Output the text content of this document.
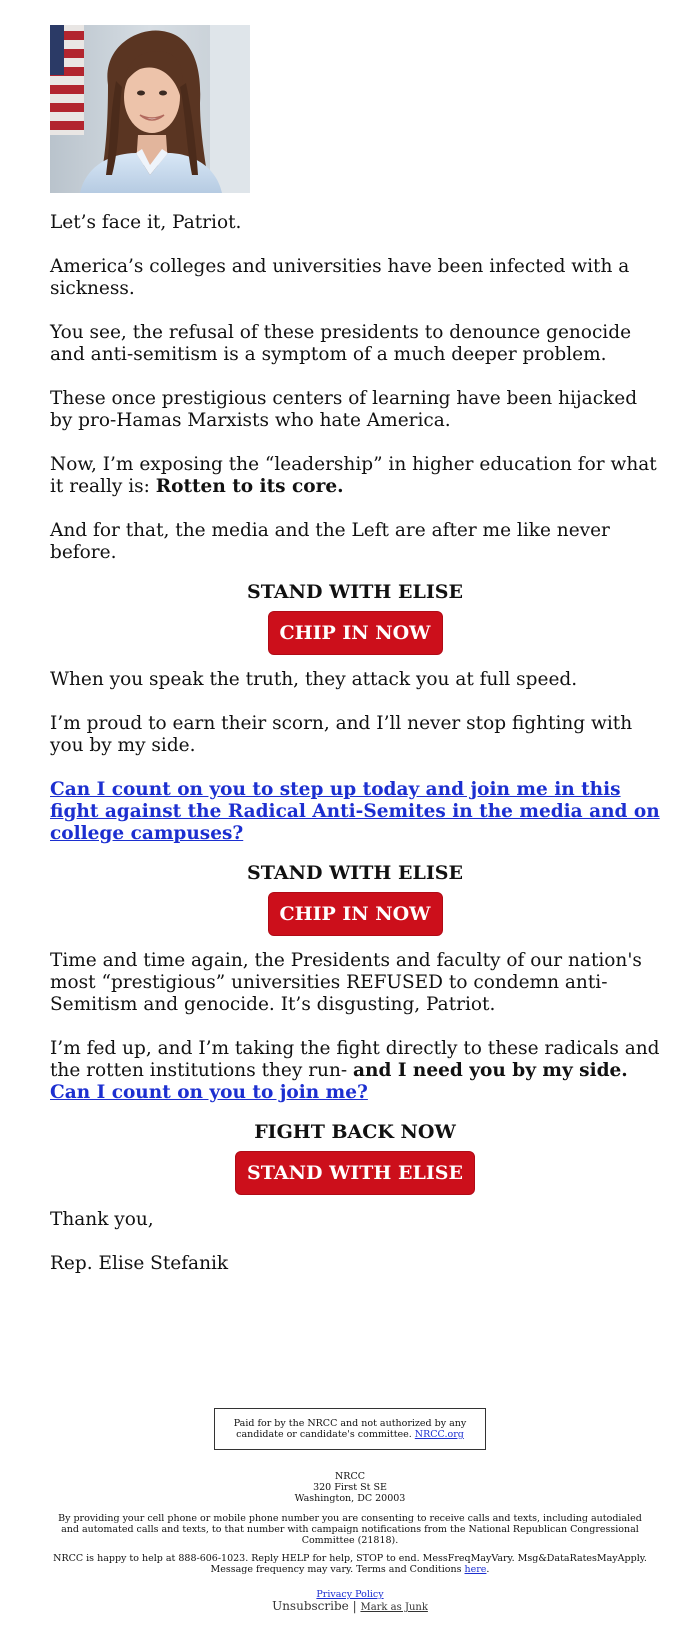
Let’s face it, Patriot.

America’s colleges and universities have been infected with a sickness.

You see, the refusal of these presidents to denounce genocide and anti-semitism is a symptom of a much deeper problem.

These once prestigious centers of learning have been hijacked by pro-Hamas Marxists who hate America.

Now, I’m exposing the “leadership” in higher education for what it really is: Rotten to its core.

And for that, the media and the Left are after me like never before.

STAND WITH ELISE

CHIP IN NOW

When you speak the truth, they attack you at full speed.

I’m proud to earn their scorn, and I’ll never stop fighting with you by my side.

Can I count on you to step up today and join me in this fight against the Radical Anti-Semites in the media and on college campuses?

STAND WITH ELISE

CHIP IN NOW

Time and time again, the Presidents and faculty of our nation's most “prestigious” universities REFUSED to condemn anti-Semitism and genocide. It’s disgusting, Patriot.

I’m fed up, and I’m taking the fight directly to these radicals and the rotten institutions they run- and I need you by my side. Can I count on you to join me?

FIGHT BACK NOW

STAND WITH ELISE

Thank you,

Rep. Elise Stefanik

Paid for by the NRCC and not authorized by any candidate or candidate's committee. NRCC.org
NRCC
320 First St SE
Washington, DC 20003
By providing your cell phone or mobile phone number you are consenting to receive calls and texts, including autodialed and automated calls and texts, to that number with campaign notifications from the National Republican Congressional Committee (21818).
NRCC is happy to help at 888-606-1023. Reply HELP for help, STOP to end. MessFreqMayVary. Msg&DataRatesMayApply. Message frequency may vary. Terms and Conditions here.
Privacy Policy
Unsubscribe | Mark as Junk
